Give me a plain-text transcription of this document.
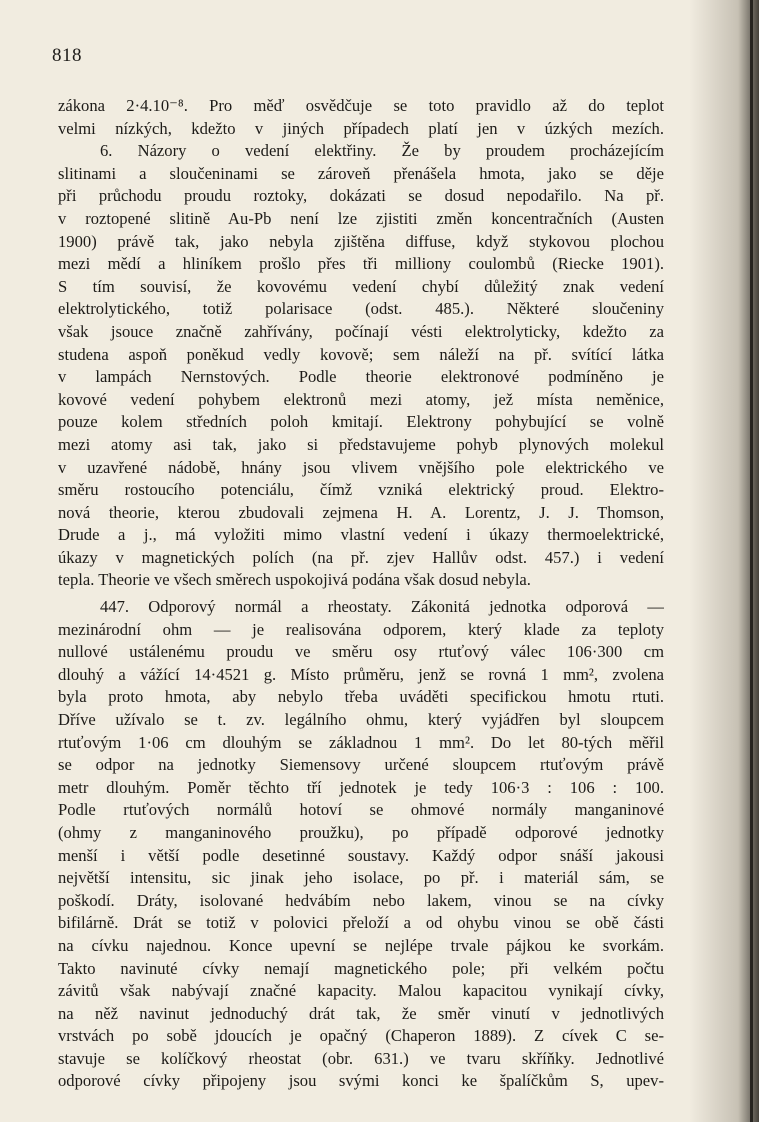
818
zákona 2·4.10⁻⁸. Pro měď osvědčuje se toto pravidlo až do teplot
velmi nízkých, kdežto v jiných případech platí jen v úzkých mezích.
6. Názory o vedení elektřiny. Že by proudem procházejícím
slitinami a sloučeninami se zároveň přenášela hmota, jako se děje
při průchodu proudu roztoky, dokázati se dosud nepodařilo. Na př.
v roztopené slitině Au-Pb není lze zjistiti změn koncentračních (Austen
1900) právě tak, jako nebyla zjištěna diffuse, když stykovou plochou
mezi mědí a hliníkem prošlo přes tři milliony coulombů (Riecke 1901).
S tím souvisí, že kovovému vedení chybí důležitý znak vedení
elektrolytického, totiž polarisace (odst. 485.). Některé sloučeniny
však jsouce značně zahřívány, počínají vésti elektrolyticky, kdežto za
studena aspoň poněkud vedly kovově; sem náleží na př. svítící látka
v lampách Nernstových. Podle theorie elektronové podmíněno je
kovové vedení pohybem elektronů mezi atomy, jež místa neměnice,
pouze kolem středních poloh kmitají. Elektrony pohybující se volně
mezi atomy asi tak, jako si představujeme pohyb plynových molekul
v uzavřené nádobě, hnány jsou vlivem vnějšího pole elektrického ve
směru rostoucího potenciálu, čímž vzniká elektrický proud. Elektro-
nová theorie, kterou zbudovali zejmena H. A. Lorentz, J. J. Thomson,
Drude a j., má vyložiti mimo vlastní vedení i úkazy thermoelektrické,
úkazy v magnetických polích (na př. zjev Hallův odst. 457.) i vedení
tepla. Theorie ve všech směrech uspokojivá podána však dosud nebyla.
447. Odporový normál a rheostaty. Zákonitá jednotka odporová —
mezinárodní ohm — je realisována odporem, který klade za teploty
nullové ustálenému proudu ve směru osy rtuťový válec 106·300 cm
dlouhý a vážící 14·4521 g. Místo průměru, jenž se rovná 1 mm², zvolena
byla proto hmota, aby nebylo třeba uváděti specifickou hmotu rtuti.
Dříve užívalo se t. zv. legálního ohmu, který vyjádřen byl sloupcem
rtuťovým 1·06 cm dlouhým se základnou 1 mm². Do let 80-tých měřil
se odpor na jednotky Siemensovy určené sloupcem rtuťovým právě
metr dlouhým. Poměr těchto tří jednotek je tedy 106·3 : 106 : 100.
Podle rtuťových normálů hotoví se ohmové normály manganinové
(ohmy z manganinového proužku), po případě odporové jednotky
menší i větší podle desetinné soustavy. Každý odpor snáší jakousi
největší intensitu, sic jinak jeho isolace, po př. i materiál sám, se
poškodí. Dráty, isolované hedvábím nebo lakem, vinou se na cívky
bifilárně. Drát se totiž v polovici přeloží a od ohybu vinou se obě části
na cívku najednou. Konce upevní se nejlépe trvale pájkou ke svorkám.
Takto navinuté cívky nemají magnetického pole; při velkém počtu
závitů však nabývají značné kapacity. Malou kapacitou vynikají cívky,
na něž navinut jednoduchý drát tak, že směr vinutí v jednotlivých
vrstvách po sobě jdoucích je opačný (Chaperon 1889). Z cívek C se-
stavuje se kolíčkový rheostat (obr. 631.) ve tvaru skříňky. Jednotlivé
odporové cívky připojeny jsou svými konci ke špalíčkům S, upev-
